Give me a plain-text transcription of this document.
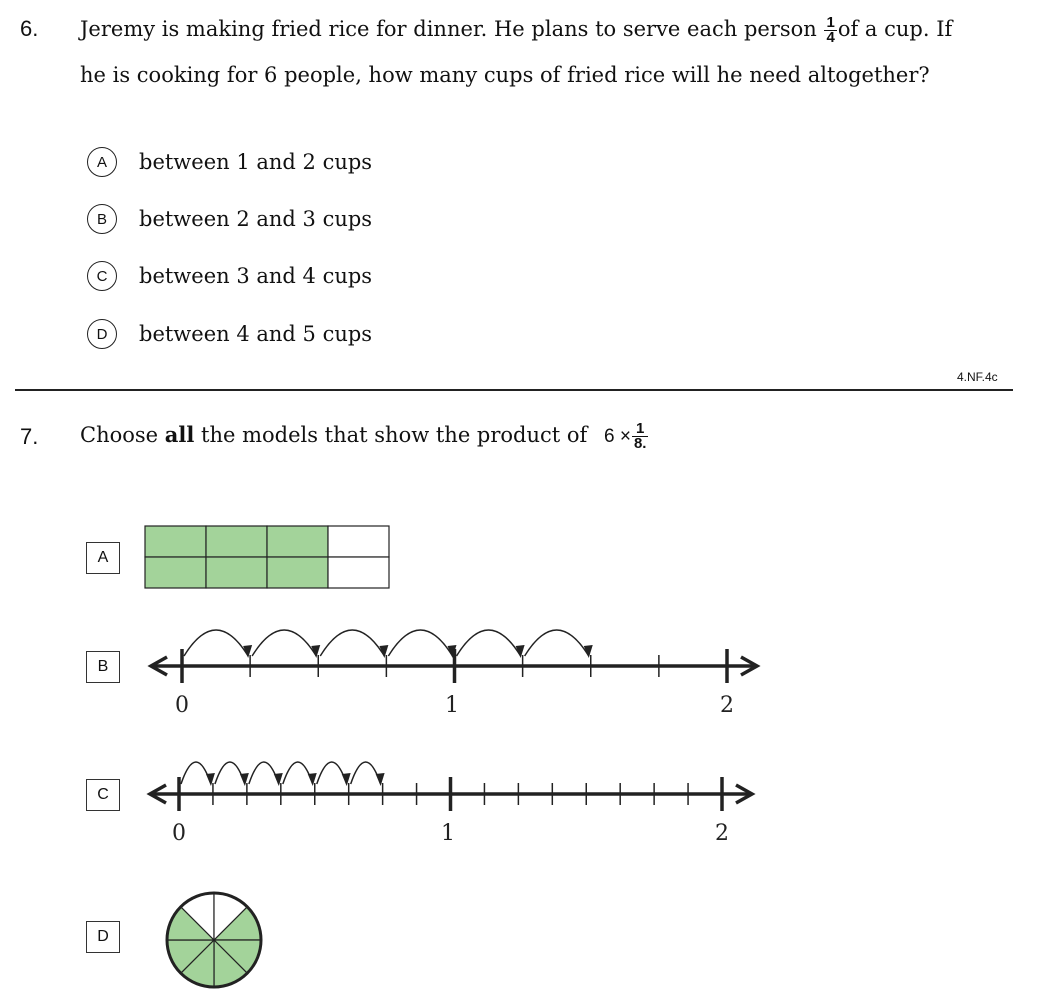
6. Jeremy is making fried rice for dinner. He plans to serve each person $\frac{1}{4}$ of a cup. If
he is cooking for 6 people, how many cups of fried rice will he need altogether?
A	between 1 and 2 cups
B	between 2 and 3 cups
C	between 3 and 4 cups
D	between 4 and 5 cups
4.NF.4c
7. Choose all the models that show the product of $6 \times \frac{1}{8.}$
A
B
0	1	2
C
0	1	2
D
